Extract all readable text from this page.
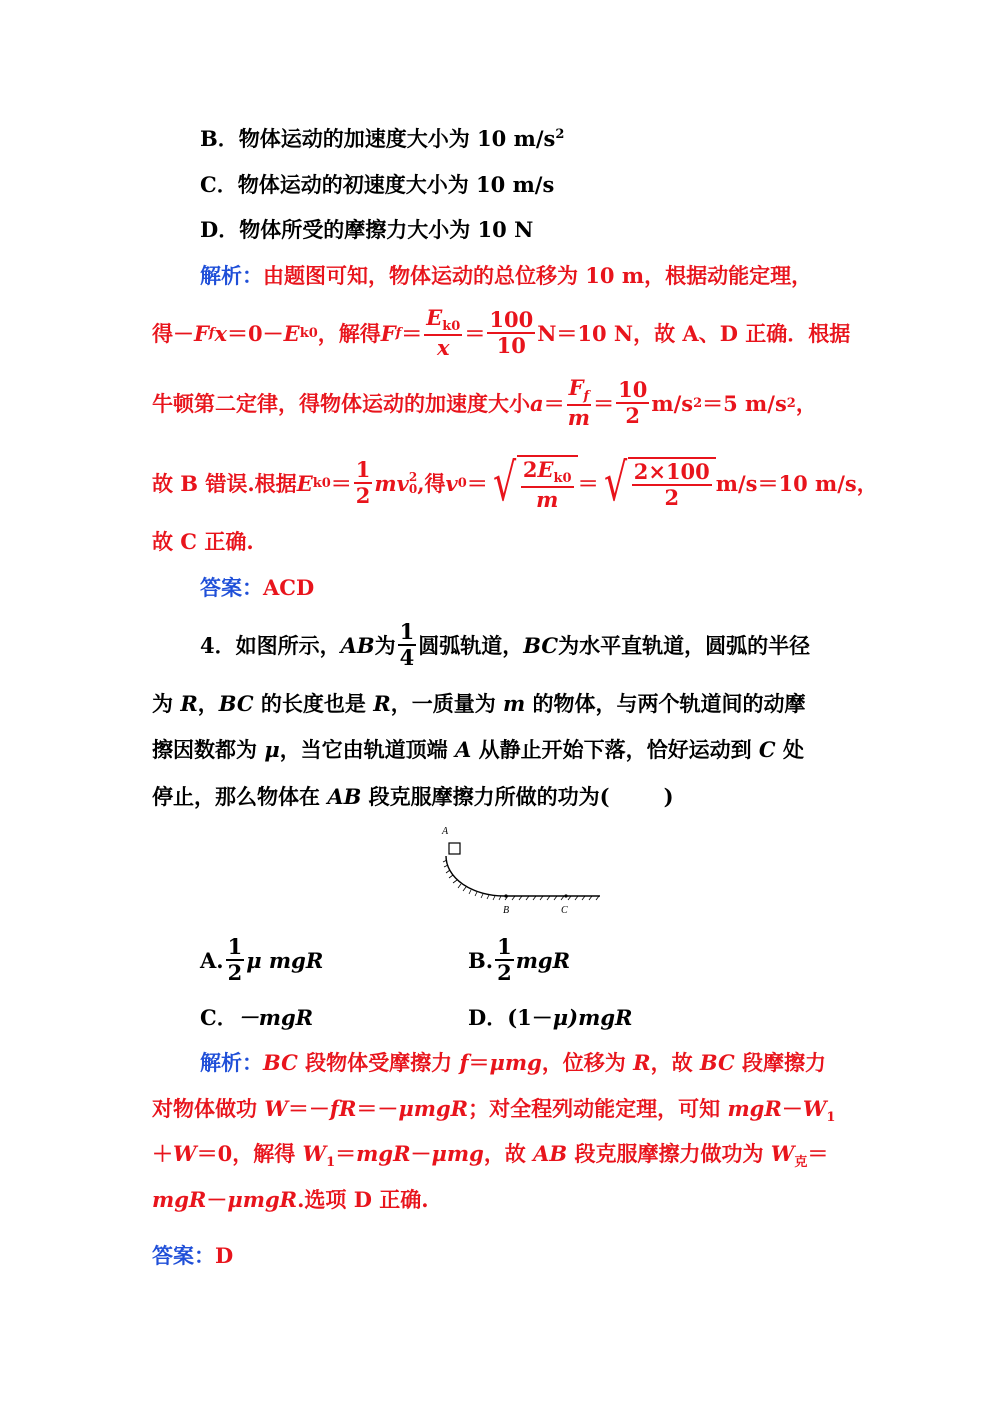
B．物体运动的加速度大小为 10 $m/s^2$
C．物体运动的初速度大小为 10 m/s
D．物体所受的摩擦力大小为 10 N
解析：由题图可知，物体运动的总位移为 10 m，根据动能定理，
得－ F f x ＝0－ E k0 ，解得 F $f = \frac{E_{k0}}{x} = \frac{100}{10} N=10$ N，故 A、D 正确．根据
牛顿第二定律，得物体运动的加速度大小 $a = \frac{F_f}{m} = \frac{10}{2} m/s$ 2 ＝5 m/s 2 ，
故 B 错误.根据 E $k0 = \frac{1}{2}$ m v 2
0 ,得 v 0 ＝ √ $\frac{2E_{k0}}{m}$ ＝ √ $\frac{2\times 100}{2} m/s=10$ m/s，
故 C 正确.
答案：ACD
4．如图所示， AB 为 $\frac{1}{4}$ 圆弧轨道， BC 为水平直轨道，圆弧的半径
为 R，BC 的长度也是 R，一质量为 m 的物体，与两个轨道间的动摩
擦因数都为 μ，当它由轨道顶端 A 从静止开始下落，恰好运动到 C 处
停止，那么物体在 AB 段克服摩擦力所做的功为(	)
A
B	C
A. $\frac{1}{2}$ μ mgR	B. $\frac{1}{2}$ mgR
C．－mgR	D．(1－μ)mgR
解析：BC 段物体受摩擦力 f＝μmg，位移为 R，故 BC 段摩擦力
对物体做功 W＝－fR＝－μmgR；对全程列动能定理，可知 $mgR-W_1$
＋W＝0，解得 $W_1=mgR-\mu mg$，故 AB 段克服摩擦力做功为 $W_克=$
mgR－μmgR.选项 D 正确.
答案：D
